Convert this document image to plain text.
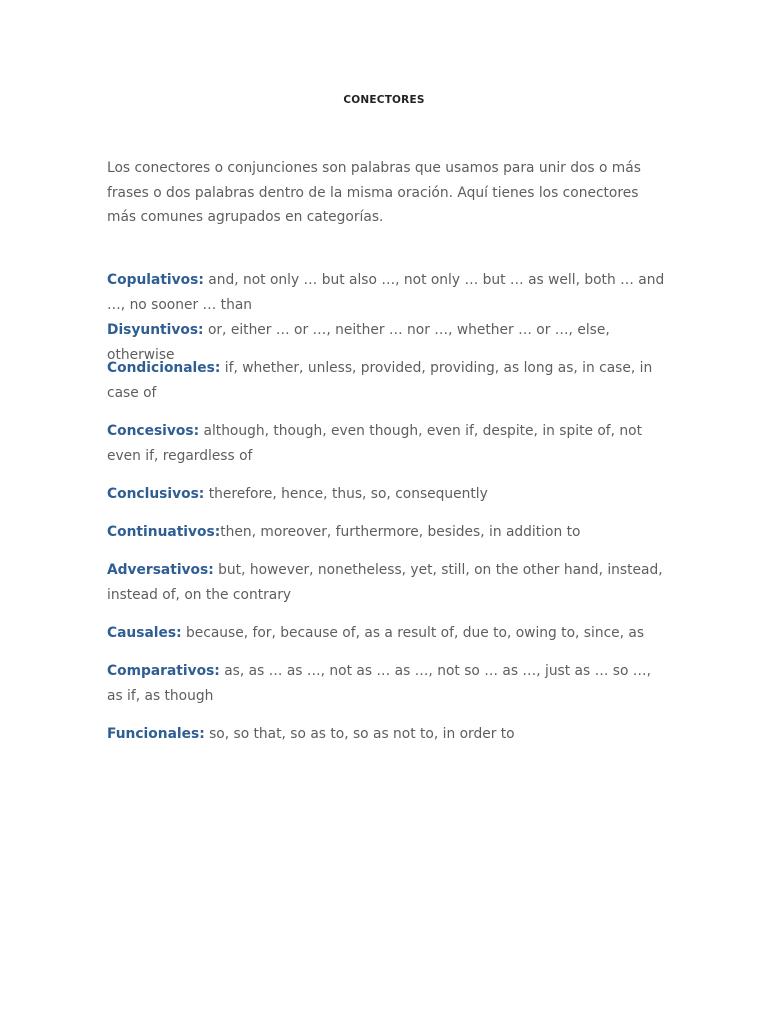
CONECTORES

Los conectores o conjunciones son palabras que usamos para unir dos o más frases o dos palabras dentro de la misma oración. Aquí tienes los conectores más comunes agrupados en categorías.

Copulativos: and, not only … but also …, not only … but … as well, both … and …, no sooner … than

Disyuntivos: or, either … or …, neither … nor …, whether … or …, else, otherwise

Condicionales: if, whether, unless, provided, providing, as long as, in case, in case of

Concesivos: although, though, even though, even if, despite, in spite of, not even if, regardless of

Conclusivos: therefore, hence, thus, so, consequently

Continuativos:then, moreover, furthermore, besides, in addition to

Adversativos: but, however, nonetheless, yet, still, on the other hand, instead, instead of, on the contrary

Causales: because, for, because of, as a result of, due to, owing to, since, as

Comparativos: as, as … as …, not as … as …, not so … as …, just as … so …, as if, as though

Funcionales: so, so that, so as to, so as not to, in order to
